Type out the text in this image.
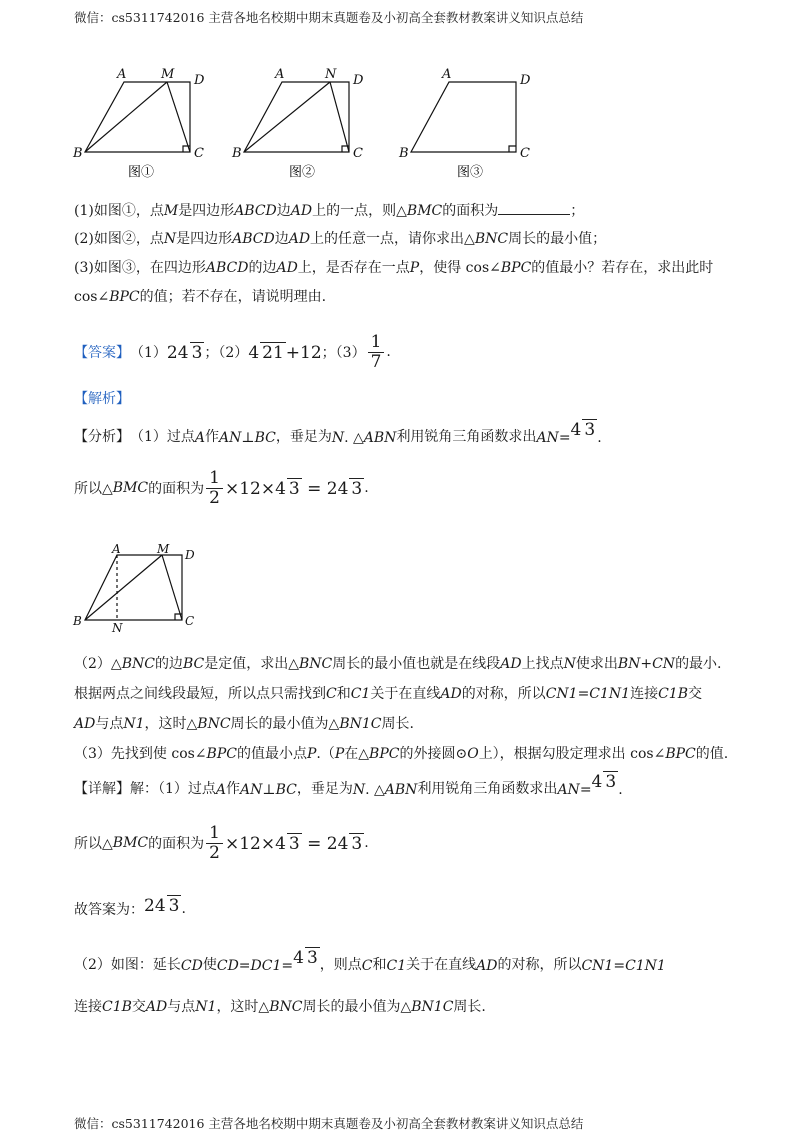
微信：cs5311742016 主营各地名校期中期末真题卷及小初高全套教材教案讲义知识点总结
A	M D
B	C
图①
A	N D
B	C
图②
A	D
B	C
图③
(1)如图①，点M是四边形ABCD边AD上的一点，则△BMC的面积为	；
(2)如图②，点N是四边形ABCD边AD上的任意一点，请你求出△BNC周长的最小值；
(3)如图③，在四边形ABCD的边AD上，是否存在一点P，使得 cos∠BPC的值最小？若存在，求出此时
cos∠BPC的值；若不存在，请说明理由.
【答案】 （1） 24 3 ；（2） 4 21 +12 ；$(3) \frac{1}{7}$ .
【解析】
【分析】 （1）过点 A 作 AN ⊥ BC ，垂足为 N . △ ABN 利用锐角三角函数求出 AN = 4 3 .
所以△ BMC 的面积为 $\frac{1}{2} \times 12\times 4$ 3 = 24 3 .
A	M D
B	C
N
（2）△BNC的边BC是定值，求出△BNC周长的最小值也就是在线段AD上找点N使求出BN+CN的最小.
根据两点之间线段最短，所以点只需找到C和C1关于在直线AD的对称，所以CN1=C1N1连接C1B交
AD与点N1，这时△BNC周长的最小值为△BN1C周长.
（3）先找到使 cos∠BPC的值最小点P.（P在△BPC的外接圆⊙O上），根据勾股定理求出 cos∠BPC的值.
【详解】 解：（1）过点 A 作 AN ⊥ BC ，垂足为 N . △ ABN 利用锐角三角函数求出 AN = 4 3 .
所以△ BMC 的面积为 $\frac{1}{2} \times 12\times 4$ 3 = 24 3 .
故答案为： 24 3 .
（2）如图：延长 CD 使 CD = DC1 = 4 3 ，则点 C 和 C1 关于在直线 AD 的对称，所以 CN1 = C1N1
连接C1B交AD与点N1，这时△BNC周长的最小值为△BN1C周长.
微信：cs5311742016 主营各地名校期中期末真题卷及小初高全套教材教案讲义知识点总结
